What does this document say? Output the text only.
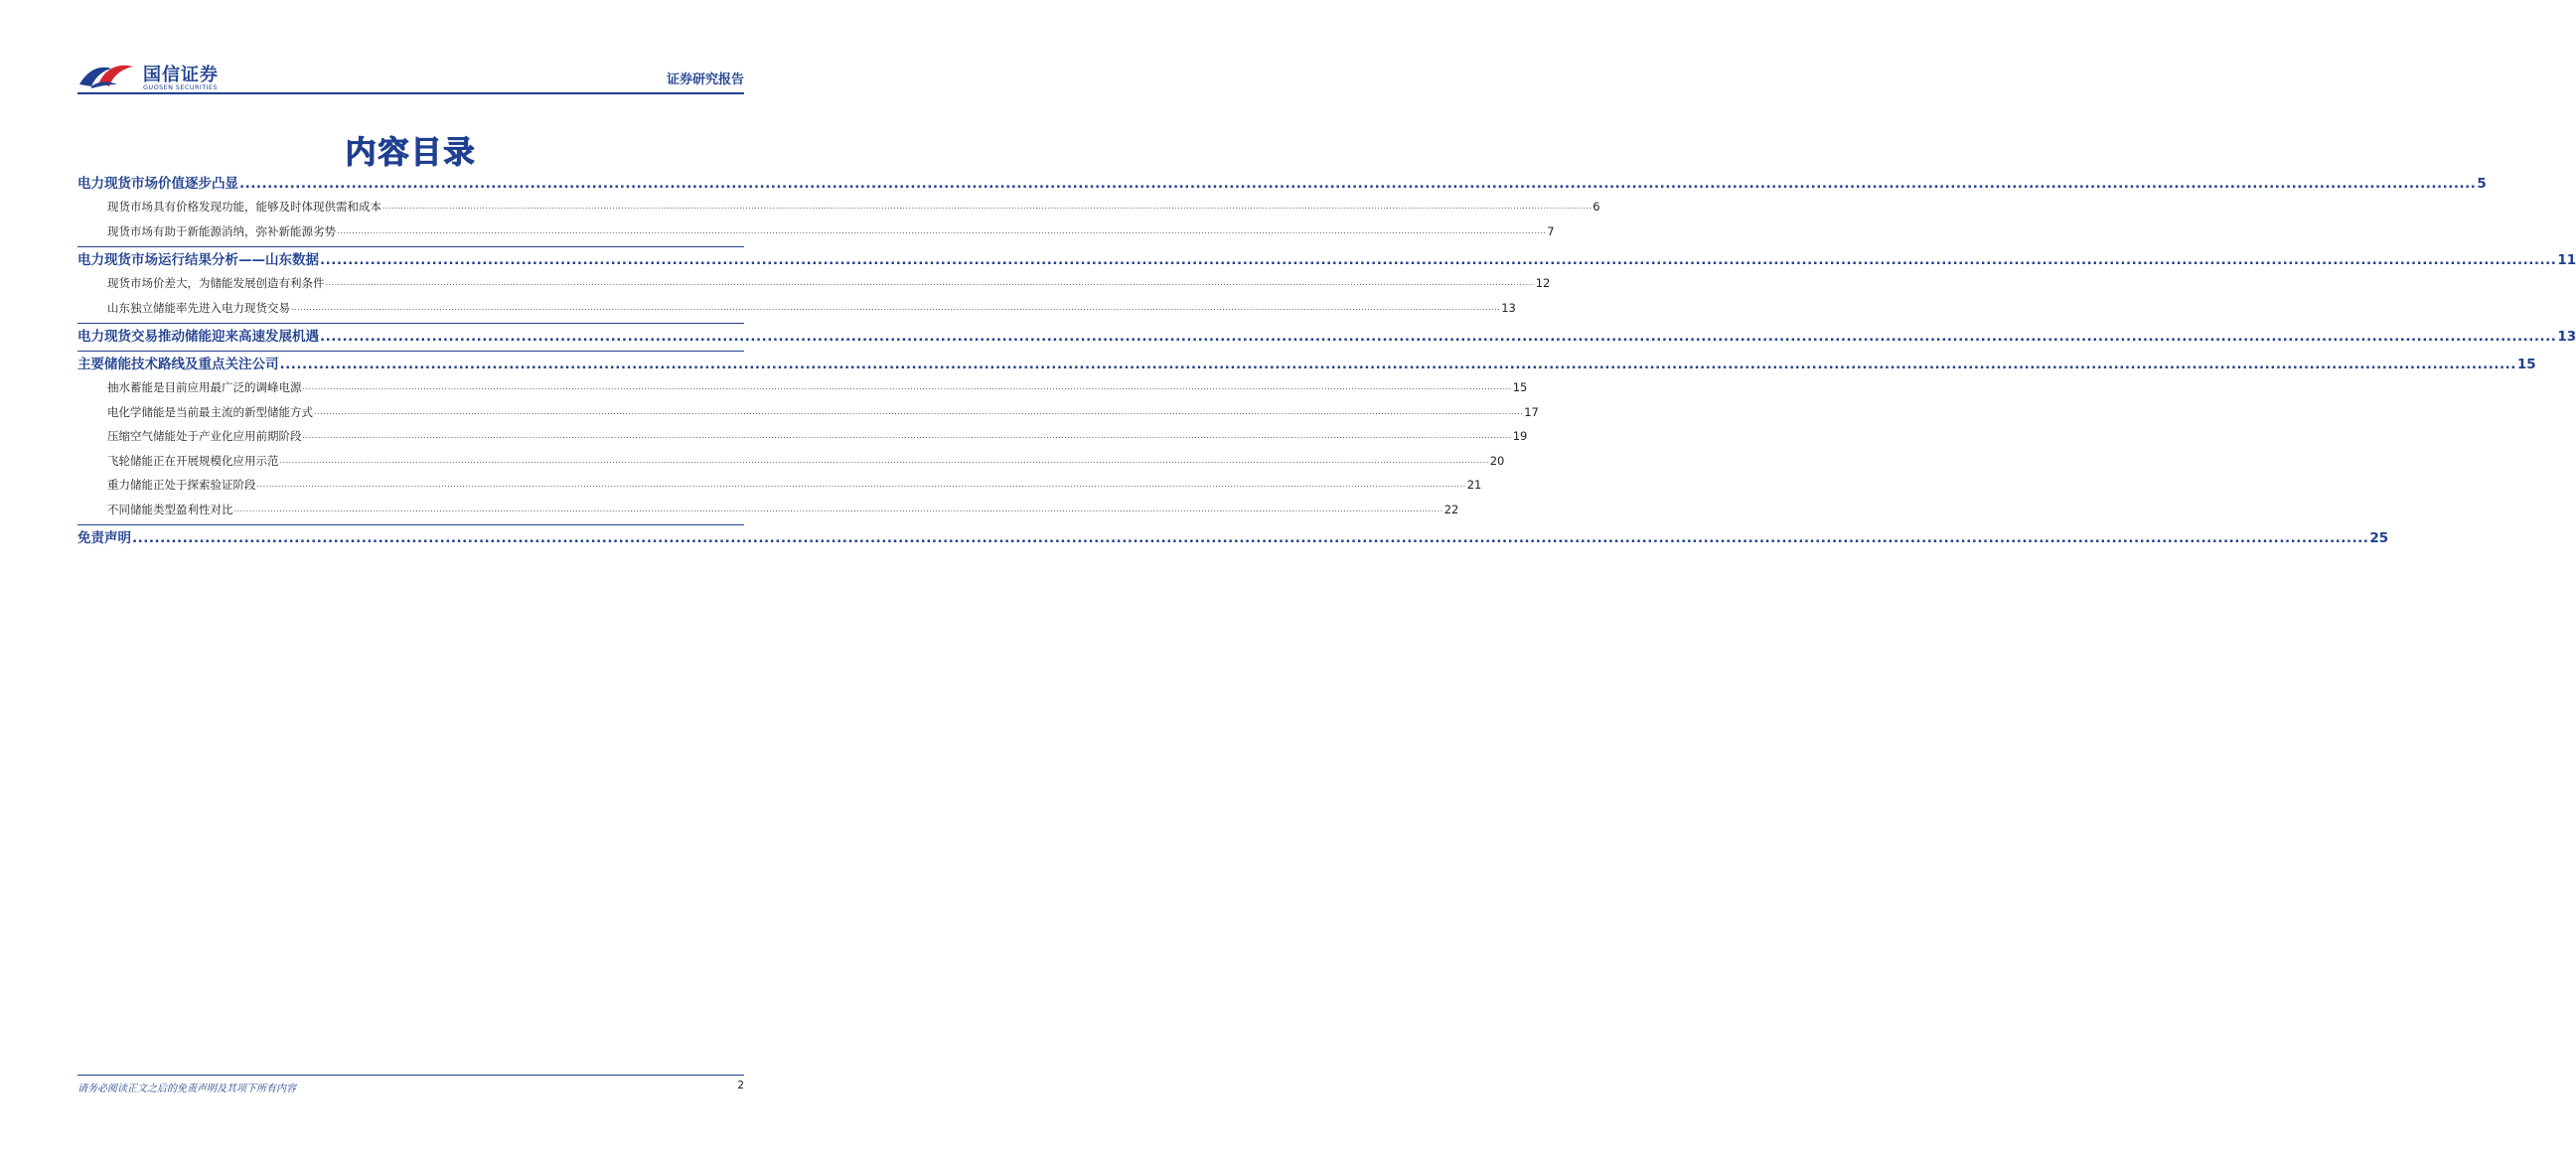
国信证券
GUOSEN SECURITIES	证券研究报告
内容目录
电力现货市场价值逐步凸显 ................................................................................................................................................................................................................................................................................................................................................................................................................ 5
现货市场具有价格发现功能，能够及时体现供需和成本 ................................................................................................................................................................................................................................................................................................................................................................................................................ 6
现货市场有助于新能源消纳，弥补新能源劣势 ................................................................................................................................................................................................................................................................................................................................................................................................................ 7
电力现货市场运行结果分析——山东数据 ................................................................................................................................................................................................................................................................................................................................................................................................................ 11
现货市场价差大，为储能发展创造有利条件 ................................................................................................................................................................................................................................................................................................................................................................................................................ 12
山东独立储能率先进入电力现货交易 ................................................................................................................................................................................................................................................................................................................................................................................................................ 13
电力现货交易推动储能迎来高速发展机遇 ................................................................................................................................................................................................................................................................................................................................................................................................................ 13
主要储能技术路线及重点关注公司 ................................................................................................................................................................................................................................................................................................................................................................................................................ 15
抽水蓄能是目前应用最广泛的调峰电源 ................................................................................................................................................................................................................................................................................................................................................................................................................ 15
电化学储能是当前最主流的新型储能方式 ................................................................................................................................................................................................................................................................................................................................................................................................................ 17
压缩空气储能处于产业化应用前期阶段 ................................................................................................................................................................................................................................................................................................................................................................................................................ 19
飞轮储能正在开展规模化应用示范 ................................................................................................................................................................................................................................................................................................................................................................................................................ 20
重力储能正处于探索验证阶段 ................................................................................................................................................................................................................................................................................................................................................................................................................ 21
不同储能类型盈利性对比 ................................................................................................................................................................................................................................................................................................................................................................................................................ 22
免责声明 ................................................................................................................................................................................................................................................................................................................................................................................................................ 25
请务必阅读正文之后的免责声明及其项下所有内容	2
